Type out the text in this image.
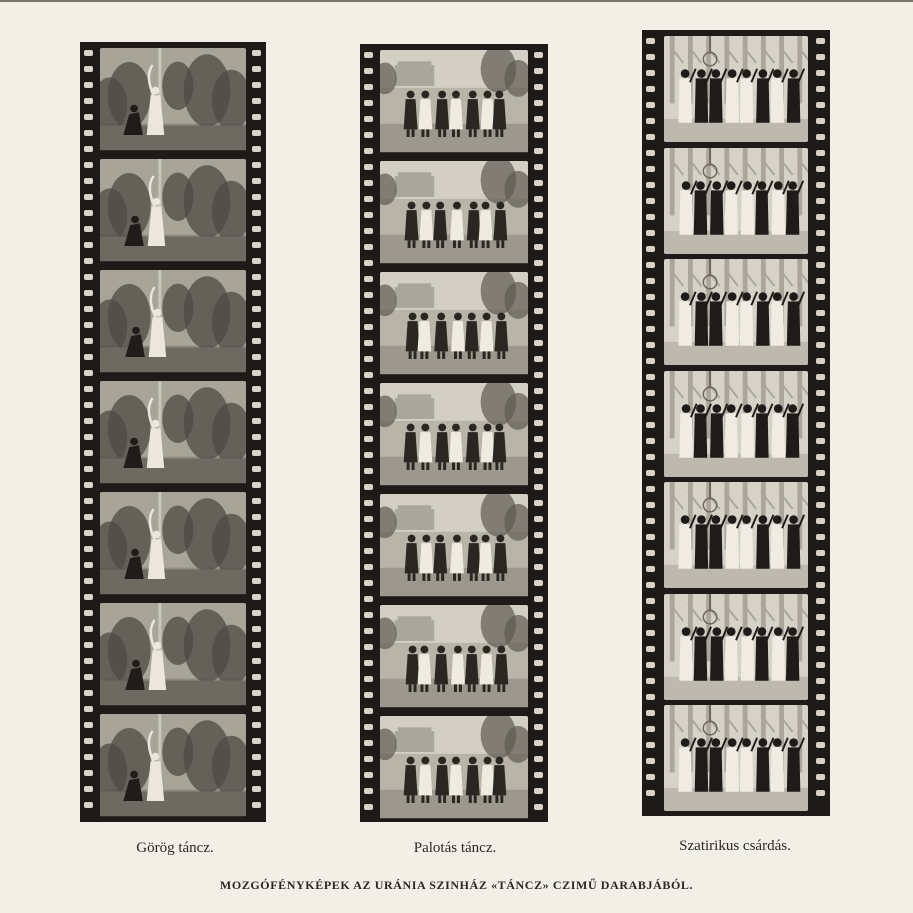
Görög táncz.	Palotás táncz.	Szatirikus csárdás.
MOZGÓFÉNYKÉPEK AZ URÁNIA SZINHÁZ «TÁNCZ» CZIMŰ DARABJÁBÓL.
